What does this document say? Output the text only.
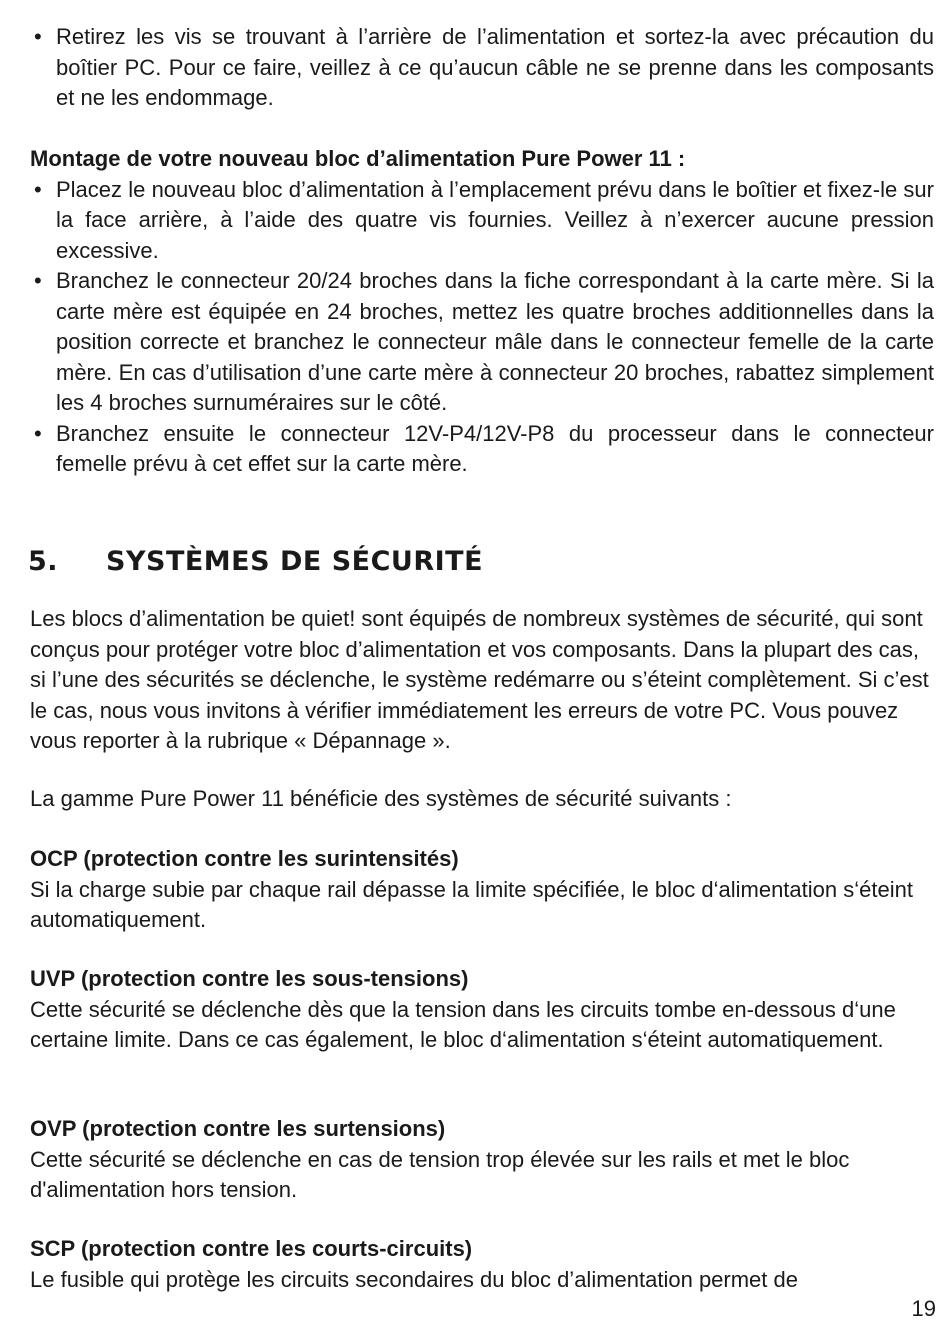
• Retirez les vis se trouvant à l’arrière de l’alimentation et sortez-la avec précaution du boîtier PC. Pour ce faire, veillez à ce qu’aucun câble ne se prenne dans les composants et ne les endommage.

Montage de votre nouveau bloc d’alimentation Pure Power 11 :

• Placez le nouveau bloc d’alimentation à l’emplacement prévu dans le boîtier et fixez-le sur la face arrière, à l’aide des quatre vis fournies. Veillez à n’exercer aucune pression excessive.
• Branchez le connecteur 20/24 broches dans la fiche correspondant à la carte mère. Si la carte mère est équipée en 24 broches, mettez les quatre broches additionnelles dans la position correcte et branchez le connecteur mâle dans le connecteur femelle de la carte mère. En cas d’utilisation d’une carte mère à connecteur 20 broches, rabattez simplement les 4 broches surnuméraires sur le côté.
• Branchez ensuite le connecteur 12V-P4/12V-P8 du processeur dans le connecteur femelle prévu à cet effet sur la carte mère.
5. SYSTÈMES DE SÉCURITÉ

Les blocs d’alimentation be quiet! sont équipés de nombreux systèmes de sécurité, qui sont conçus pour protéger votre bloc d’alimentation et vos composants. Dans la plupart des cas, si l’une des sécurités se déclenche, le système redémarre ou s’éteint complètement. Si c’est le cas, nous vous invitons à vérifier immédiatement les erreurs de votre PC. Vous pouvez vous reporter à la rubrique « Dépannage ».

La gamme Pure Power 11 bénéficie des systèmes de sécurité suivants :

OCP (protection contre les surintensités)

Si la charge subie par chaque rail dépasse la limite spécifiée, le bloc d‘alimentation s‘éteint automatiquement.

UVP (protection contre les sous-tensions)

Cette sécurité se déclenche dès que la tension dans les circuits tombe en-dessous d‘une certaine limite. Dans ce cas également, le bloc d‘alimentation s‘éteint automatiquement.

OVP (protection contre les surtensions)

Cette sécurité se déclenche en cas de tension trop élevée sur les rails et met le bloc d'alimentation hors tension.

SCP (protection contre les courts-circuits)

Le fusible qui protège les circuits secondaires du bloc d’alimentation permet de

19
